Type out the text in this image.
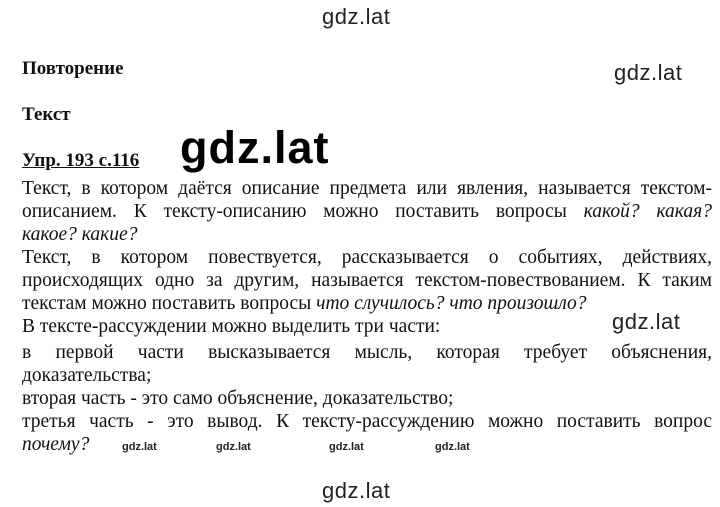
gdz.lat
gdz.lat
gdz.lat
gdz.lat
gdz.lat
Повторение
Текст
Упр. 193 с.116
Текст, в котором даётся описание предмета или явления, называется текстом-
описанием. К тексту-описанию можно поставить вопросы какой? какая?
какое? какие?
Текст, в котором повествуется, рассказывается о событиях, действиях,
происходящих одно за другим, называется текстом-повествованием. К таким
текстам можно поставить вопросы что случилось? что произошло?
В тексте-рассуждении можно выделить три части:
в первой части высказывается мысль, которая требует объяснения,
доказательства;
вторая часть - это само объяснение, доказательство;
третья часть - это вывод. К тексту-рассуждению можно поставить вопрос
почему?	gdz.lat	gdz.lat	gdz.lat	gdz.lat
